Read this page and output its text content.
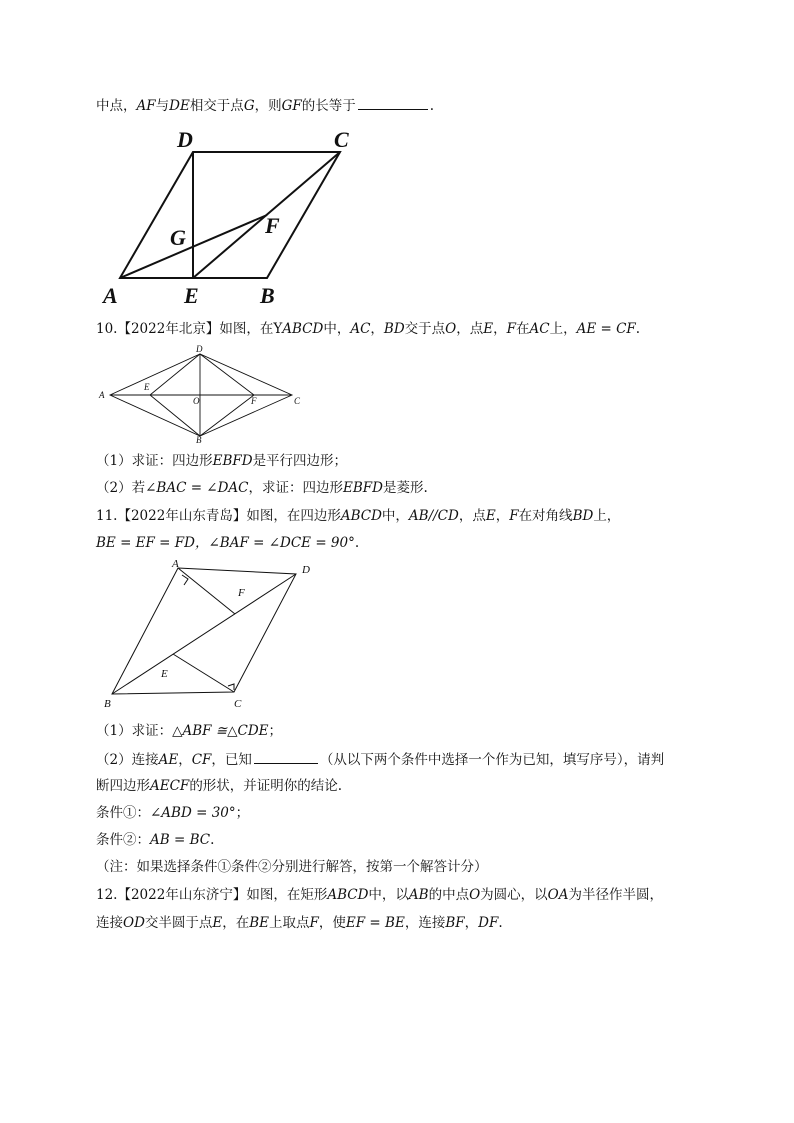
中点，AF与DE相交于点G，则GF的长等于	.
A	E	B
D	C
G	F
10.【2022年北京】如图，在YABCD中，AC，BD交于点O，点E，F在AC上，AE = CF.
A
D
C
B
E
O	F
（1）求证：四边形EBFD是平行四边形；
（2）若∠BAC = ∠DAC，求证：四边形EBFD是菱形.
11.【2022年山东青岛】如图，在四边形ABCD中，AB//CD，点E，F在对角线BD上，
BE = EF = FD，∠BAF = ∠DCE = 90°.
A	D
B	C
F
E
（1）求证：△ABF ≅△CDE；
（2）连接AE，CF，已知	（从以下两个条件中选择一个作为已知，填写序号），请判
断四边形AECF的形状，并证明你的结论.
条件①：∠ABD = 30°；
条件②：AB = BC.
（注：如果选择条件①条件②分别进行解答，按第一个解答计分）
12.【2022年山东济宁】如图，在矩形ABCD中，以AB的中点O为圆心，以OA为半径作半圆，
连接OD交半圆于点E，在BE上取点F，使EF = BE，连接BF，DF.
